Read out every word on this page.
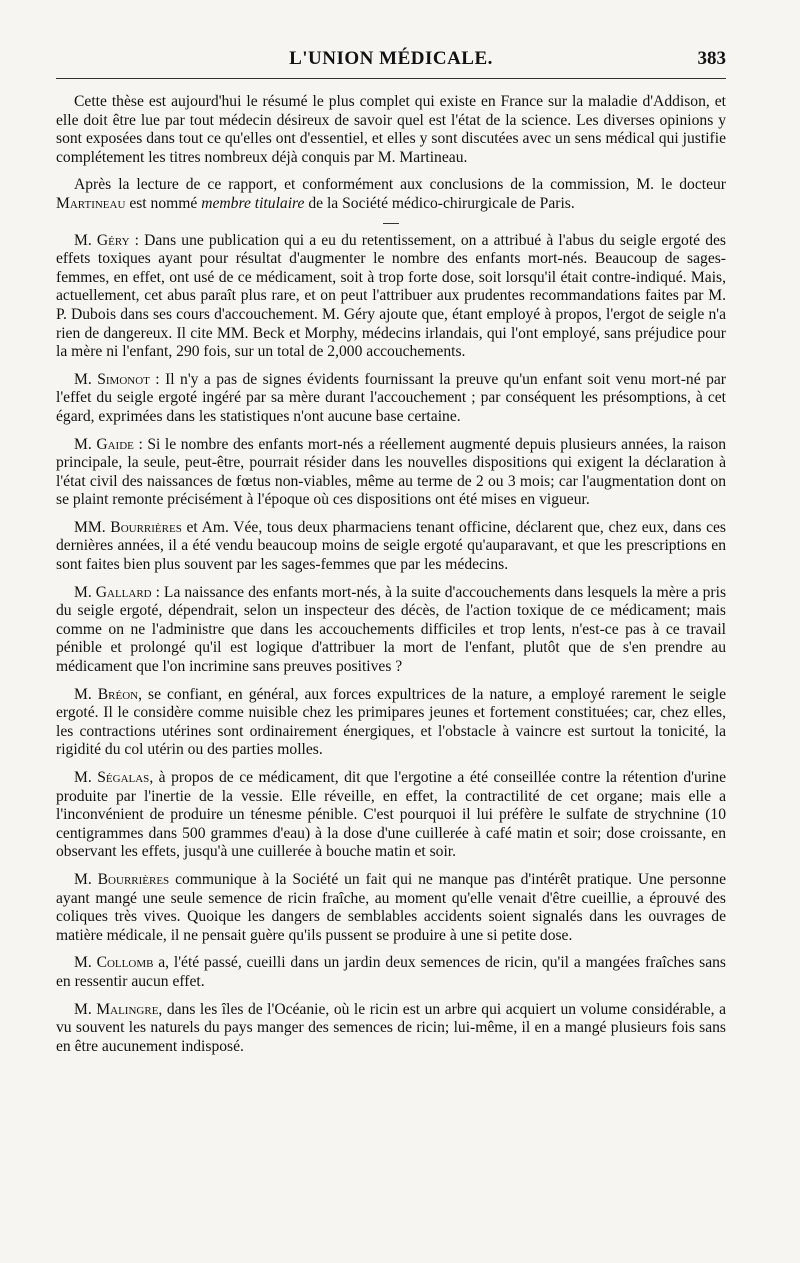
L'UNION MÉDICALE.	383

Cette thèse est aujourd'hui le résumé le plus complet qui existe en France sur la maladie d'Addison, et elle doit être lue par tout médecin désireux de savoir quel est l'état de la science. Les diverses opinions y sont exposées dans tout ce qu'elles ont d'essentiel, et elles y sont discutées avec un sens médical qui justifie complétement les titres nombreux déjà conquis par M. Martineau.

Après la lecture de ce rapport, et conformément aux conclusions de la commission, M. le docteur Martineau est nommé membre titulaire de la Société médico-chirurgicale de Paris.

M. Géry : Dans une publication qui a eu du retentissement, on a attribué à l'abus du seigle ergoté des effets toxiques ayant pour résultat d'augmenter le nombre des enfants mort-nés. Beaucoup de sages-femmes, en effet, ont usé de ce médicament, soit à trop forte dose, soit lorsqu'il était contre-indiqué. Mais, actuellement, cet abus paraît plus rare, et on peut l'attribuer aux prudentes recommandations faites par M. P. Dubois dans ses cours d'accouchement. M. Géry ajoute que, étant employé à propos, l'ergot de seigle n'a rien de dangereux. Il cite MM. Beck et Morphy, médecins irlandais, qui l'ont employé, sans préjudice pour la mère ni l'enfant, 290 fois, sur un total de 2,000 accouchements.

M. Simonot : Il n'y a pas de signes évidents fournissant la preuve qu'un enfant soit venu mort-né par l'effet du seigle ergoté ingéré par sa mère durant l'accouchement ; par conséquent les présomptions, à cet égard, exprimées dans les statistiques n'ont aucune base certaine.

M. Gaide : Si le nombre des enfants mort-nés a réellement augmenté depuis plusieurs années, la raison principale, la seule, peut-être, pourrait résider dans les nouvelles dispositions qui exigent la déclaration à l'état civil des naissances de fœtus non-viables, même au terme de 2 ou 3 mois; car l'augmentation dont on se plaint remonte précisément à l'époque où ces dispositions ont été mises en vigueur.

MM. Bourrières et Am. Vée, tous deux pharmaciens tenant officine, déclarent que, chez eux, dans ces dernières années, il a été vendu beaucoup moins de seigle ergoté qu'auparavant, et que les prescriptions en sont faites bien plus souvent par les sages-femmes que par les médecins.

M. Gallard : La naissance des enfants mort-nés, à la suite d'accouchements dans lesquels la mère a pris du seigle ergoté, dépendrait, selon un inspecteur des décès, de l'action toxique de ce médicament; mais comme on ne l'administre que dans les accouchements difficiles et trop lents, n'est-ce pas à ce travail pénible et prolongé qu'il est logique d'attribuer la mort de l'enfant, plutôt que de s'en prendre au médicament que l'on incrimine sans preuves positives ?

M. Bréon, se confiant, en général, aux forces expultrices de la nature, a employé rarement le seigle ergoté. Il le considère comme nuisible chez les primipares jeunes et fortement constituées; car, chez elles, les contractions utérines sont ordinairement énergiques, et l'obstacle à vaincre est surtout la tonicité, la rigidité du col utérin ou des parties molles.

M. Ségalas, à propos de ce médicament, dit que l'ergotine a été conseillée contre la rétention d'urine produite par l'inertie de la vessie. Elle réveille, en effet, la contractilité de cet organe; mais elle a l'inconvénient de produire un ténesme pénible. C'est pourquoi il lui préfère le sulfate de strychnine (10 centigrammes dans 500 grammes d'eau) à la dose d'une cuillerée à café matin et soir; dose croissante, en observant les effets, jusqu'à une cuillerée à bouche matin et soir.

M. Bourrières communique à la Société un fait qui ne manque pas d'intérêt pratique. Une personne ayant mangé une seule semence de ricin fraîche, au moment qu'elle venait d'être cueillie, a éprouvé des coliques très vives. Quoique les dangers de semblables accidents soient signalés dans les ouvrages de matière médicale, il ne pensait guère qu'ils pussent se produire à une si petite dose.

M. Collomb a, l'été passé, cueilli dans un jardin deux semences de ricin, qu'il a mangées fraîches sans en ressentir aucun effet.

M. Malingre, dans les îles de l'Océanie, où le ricin est un arbre qui acquiert un volume considérable, a vu souvent les naturels du pays manger des semences de ricin; lui-même, il en a mangé plusieurs fois sans en être aucunement indisposé.
